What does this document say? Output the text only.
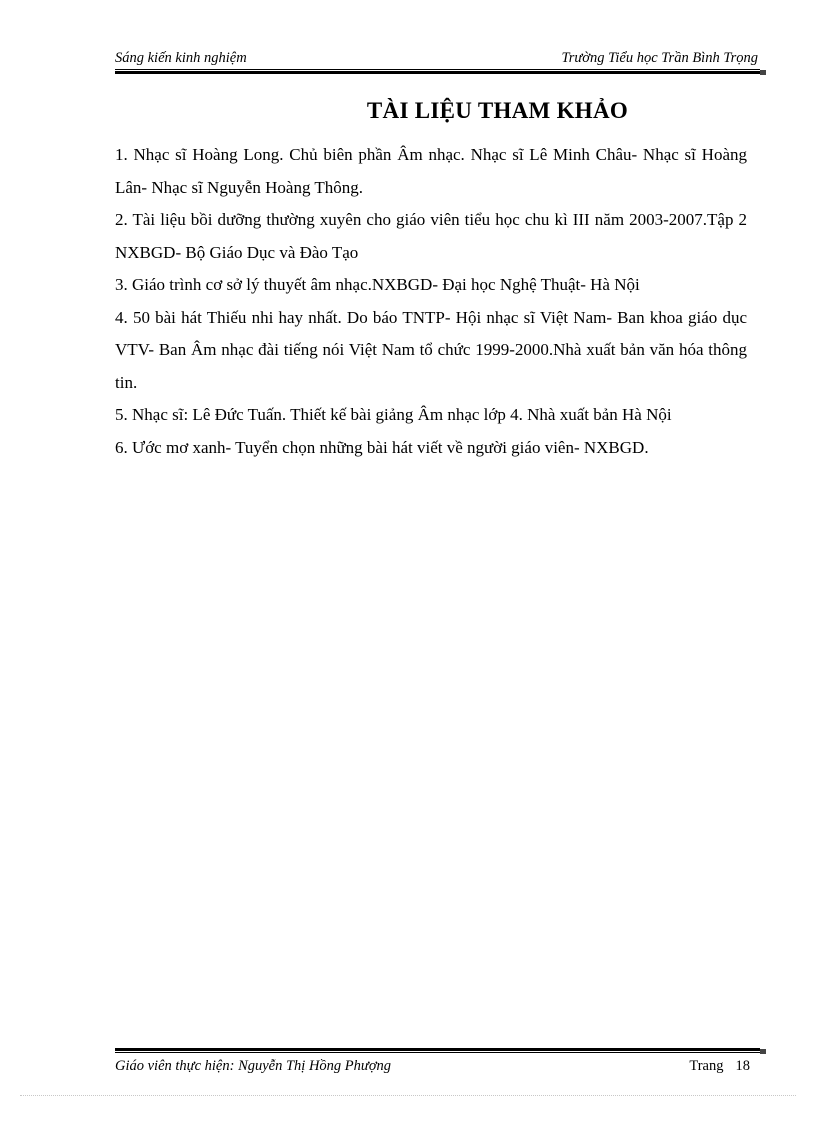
Sáng kiến kinh nghiệm	Trường Tiểu học Trần Bình Trọng
TÀI LIỆU THAM KHẢO

1. Nhạc sĩ Hoàng Long. Chủ biên phần Âm nhạc. Nhạc sĩ Lê Minh Châu- Nhạc sĩ Hoàng Lân- Nhạc sĩ Nguyễn Hoàng Thông.

2. Tài liệu bồi dưỡng thường xuyên cho giáo viên tiểu học chu kì III năm 2003-2007.Tập 2 NXBGD- Bộ Giáo Dục và Đào Tạo

3. Giáo trình cơ sở lý thuyết âm nhạc.NXBGD- Đại học Nghệ Thuật- Hà Nội

4. 50 bài hát Thiếu nhi hay nhất. Do báo TNTP- Hội nhạc sĩ Việt Nam- Ban khoa giáo dục VTV- Ban Âm nhạc đài tiếng nói Việt Nam tổ chức 1999-2000.Nhà xuất bản văn hóa thông tin.

5. Nhạc sĩ: Lê Đức Tuấn. Thiết kế bài giảng Âm nhạc lớp 4. Nhà xuất bản Hà Nội

6. Ước mơ xanh- Tuyển chọn những bài hát viết về người giáo viên- NXBGD.

Giáo viên thực hiện: Nguyễn Thị Hồng Phượng	Trang 18
